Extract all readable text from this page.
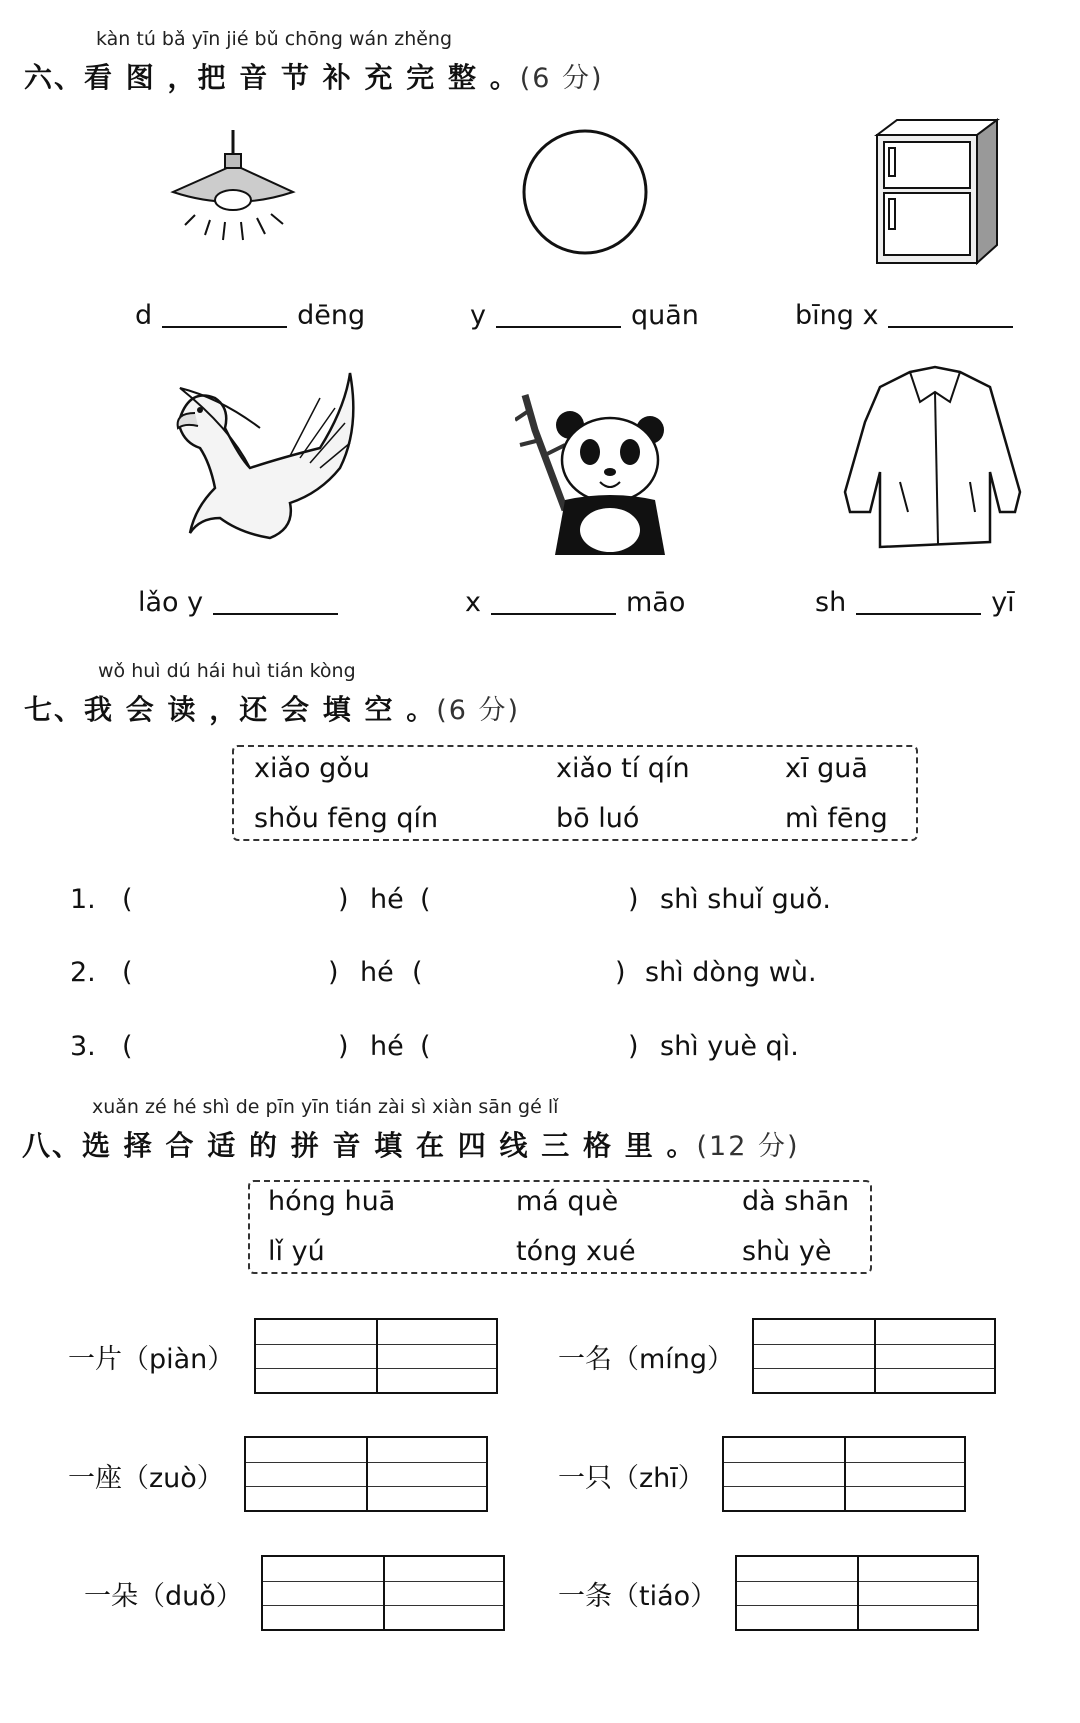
kàn tú bǎ yīn jié bǔ chōng wán zhěng
六、看 图 ，把 音 节 补 充 完 整 。(6 分)
d	dēng	y	quān	bīng x
lǎo y	x	māo	sh	yī
wǒ huì dú hái huì tián kòng
七、我 会 读 ，还 会 填 空 。(6 分)
xiǎo gǒu	xiǎo tí qín	xī guā
shǒu fēng qín	bō luó	mì fēng
1. (	) hé (	) shì shuǐ guǒ.
2. (	) hé (	) shì dòng wù.
3. (	) hé (	) shì yuè qì.
xuǎn zé hé shì de pīn yīn tián zài sì xiàn sān gé lǐ
八、选 择 合 适 的 拼 音 填 在 四 线 三 格 里 。(12 分)
hóng huā	má què	dà shān
lǐ yú	tóng xué	shù yè
一片（piàn）	一名（míng）
一座（zuò）	一只（zhī）
一朵（duǒ）	一条（tiáo）
